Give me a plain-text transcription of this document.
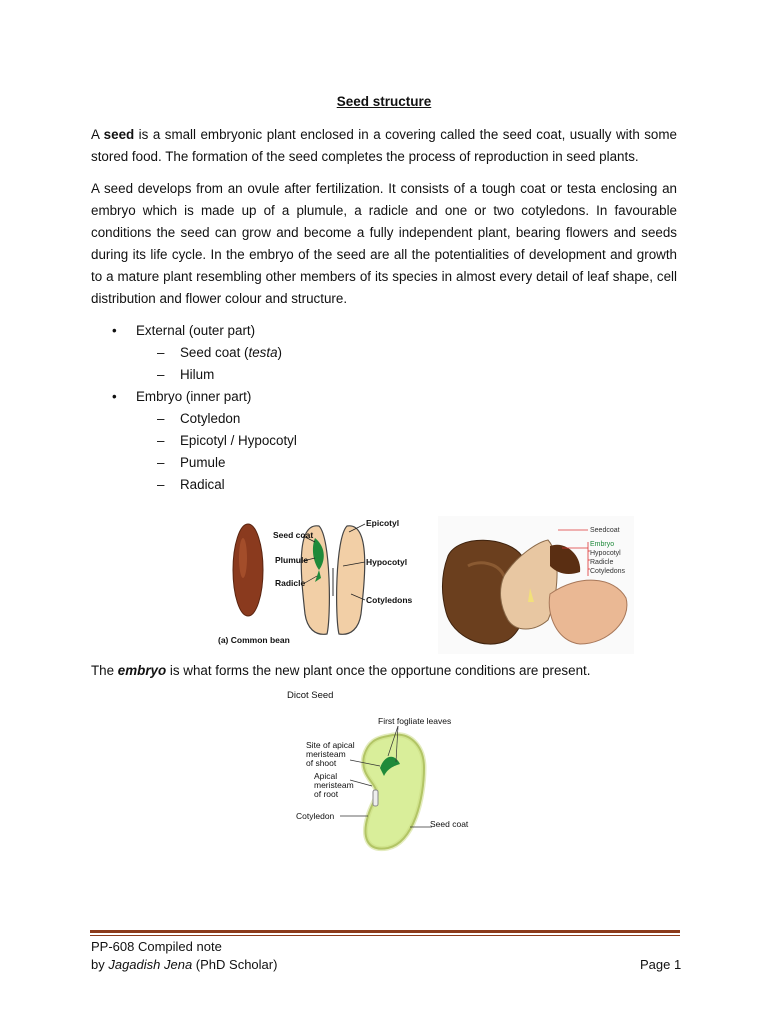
Seed structure

A seed is a small embryonic plant enclosed in a covering called the seed coat, usually with some stored food. The formation of the seed completes the process of reproduction in seed plants.

A seed develops from an ovule after fertilization. It consists of a tough coat or testa enclosing an embryo which is made up of a plumule, a radicle and one or two cotyledons. In favourable conditions the seed can grow and become a fully independent plant, bearing flowers and seeds during its life cycle. In the embryo of the seed are all the potentialities of development and growth to a mature plant resembling other members of its species in almost every detail of leaf shape, cell distribution and flower colour and structure.

• External (outer part)
– Seed coat (testa)
– Hilum
• Embryo (inner part)
– Cotyledon
– Epicotyl / Hypocotyl
– Pumule
– Radical
Seed coat
Plumule
Radicle
Epicotyl
Hypocotyl
Cotyledons
(a) Common bean
Seedcoat
Embryo
Hypocotyl
Radicle
Cotyledons

The embryo is what forms the new plant once the opportune conditions are present.

Dicot Seed
First fogliate leaves
Site of apical
meristeam
of shoot
Apical
meristeam
of root
Cotyledon
Seed coat
PP-608 Compiled note
by Jagadish Jena (PhD Scholar)	Page 1
